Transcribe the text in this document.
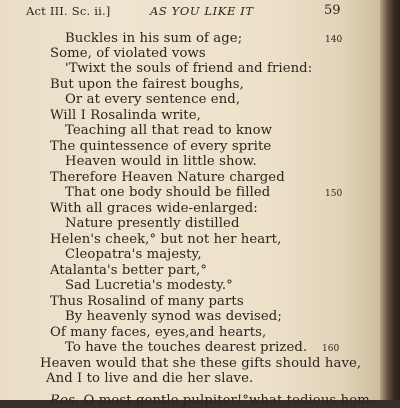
Act III. Sc. ii.]	AS YOU LIKE IT	59
Buckles in his sum of age;	140
Some, of violated vows
'Twixt the souls of friend and friend:
But upon the fairest boughs,
Or at every sentence end,
Will I Rosalinda write,
Teaching all that read to know
The quintessence of every sprite
Heaven would in little show.
Therefore Heaven Nature charged
That one body should be filled	150
With all graces wide-enlarged:
Nature presently distilled
Helen's cheek,° but not her heart,
Cleopatra's majesty,
Atalanta's better part,°
Sad Lucretia's modesty.°
Thus Rosalind of many parts
By heavenly synod was devised;
Of many faces, eyes,and hearts,
To have the touches dearest prized. 160
Heaven would that she these gifts should have,
And I to live and die her slave.
Ros. O most gentle pulpiter!°what tedious hom-
